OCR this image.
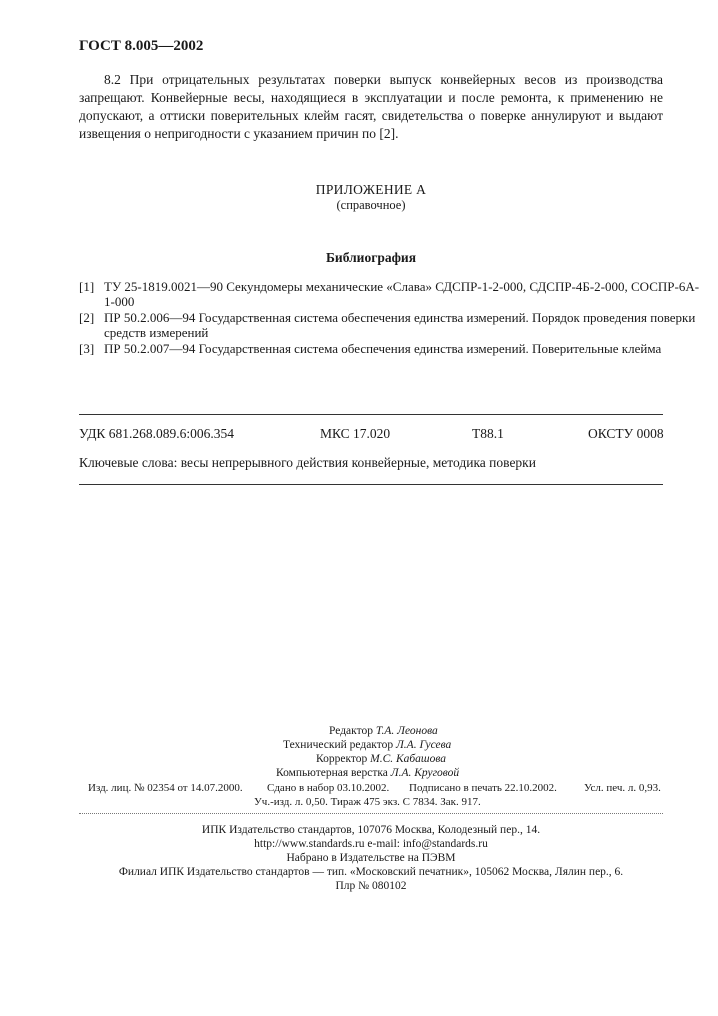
ГОСТ 8.005—2002

8.2 При отрицательных результатах поверки выпуск конвейерных весов из производства

запрещают. Конвейерные весы, находящиеся в эксплуатации и после ремонта, к применению не

допускают, а оттиски поверительных клейм гасят, свидетельства о поверке аннулируют и выдают

извещения о непригодности с указанием причин по [2].

ПРИЛОЖЕНИЕ А
(справочное)
Библиография
[1] ТУ 25-1819.0021—90 Секундомеры механические «Слава» СДСПР-1-2-000, СДСПР-4Б-2-000, СОСПР-6А-
1-000
[2] ПР 50.2.006—94 Государственная система обеспечения единства измерений. Порядок проведения поверки
средств измерений
[3] ПР 50.2.007—94 Государственная система обеспечения единства измерений. Поверительные клейма
УДК 681.268.089.6:006.354	МКС 17.020	Т88.1	ОКСТУ 0008
Ключевые слова: весы непрерывного действия конвейерные, методика поверки
Редактор Т.А. Леонова
Технический редактор Л.А. Гусева
Корректор М.С. Кабашова
Компьютерная верстка Л.А. Круговой
Изд. лиц. № 02354 от 14.07.2000. Сдано в набор 03.10.2002. Подписано в печать 22.10.2002. Усл. печ. л. 0,93.
Уч.-изд. л. 0,50. Тираж 475 экз. С 7834. Зак. 917.
ИПК Издательство стандартов, 107076 Москва, Колодезный пер., 14.
http://www.standards.ru e-mail: info@standards.ru
Набрано в Издательстве на ПЭВМ
Филиал ИПК Издательство стандартов — тип. «Московский печатник», 105062 Москва, Лялин пер., 6.
Плр № 080102
